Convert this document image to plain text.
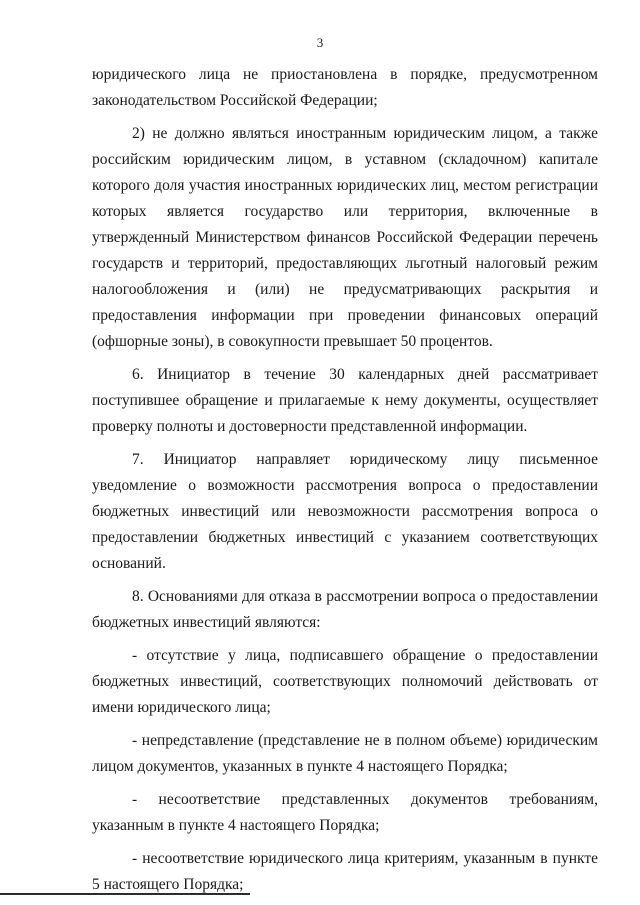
3

юридического лица не приостановлена в порядке, предусмотренном законодательством Российской Федерации;

2) не должно являться иностранным юридическим лицом, а также российским юридическим лицом, в уставном (складочном) капитале которого доля участия иностранных юридических лиц, местом регистрации которых является государство или территория, включенные в утвержденный Министерством финансов Российской Федерации перечень государств и территорий, предоставляющих льготный налоговый режим налогообложения и (или) не предусматривающих раскрытия и предоставления информации при проведении финансовых операций (офшорные зоны), в совокупности превышает 50 процентов.

6. Инициатор в течение 30 календарных дней рассматривает поступившее обращение и прилагаемые к нему документы, осуществляет проверку полноты и достоверности представленной информации.

7. Инициатор направляет юридическому лицу письменное уведомление о возможности рассмотрения вопроса о предоставлении бюджетных инвестиций или невозможности рассмотрения вопроса о предоставлении бюджетных инвестиций с указанием соответствующих оснований.

8. Основаниями для отказа в рассмотрении вопроса о предоставлении бюджетных инвестиций являются:

- отсутствие у лица, подписавшего обращение о предоставлении бюджетных инвестиций, соответствующих полномочий действовать от имени юридического лица;

- непредставление (представление не в полном объеме) юридическим лицом документов, указанных в пункте 4 настоящего Порядка;

- несоответствие представленных документов требованиям, указанным в пункте 4 настоящего Порядка;

- несоответствие юридического лица критериям, указанным в пункте 5 настоящего Порядка;
